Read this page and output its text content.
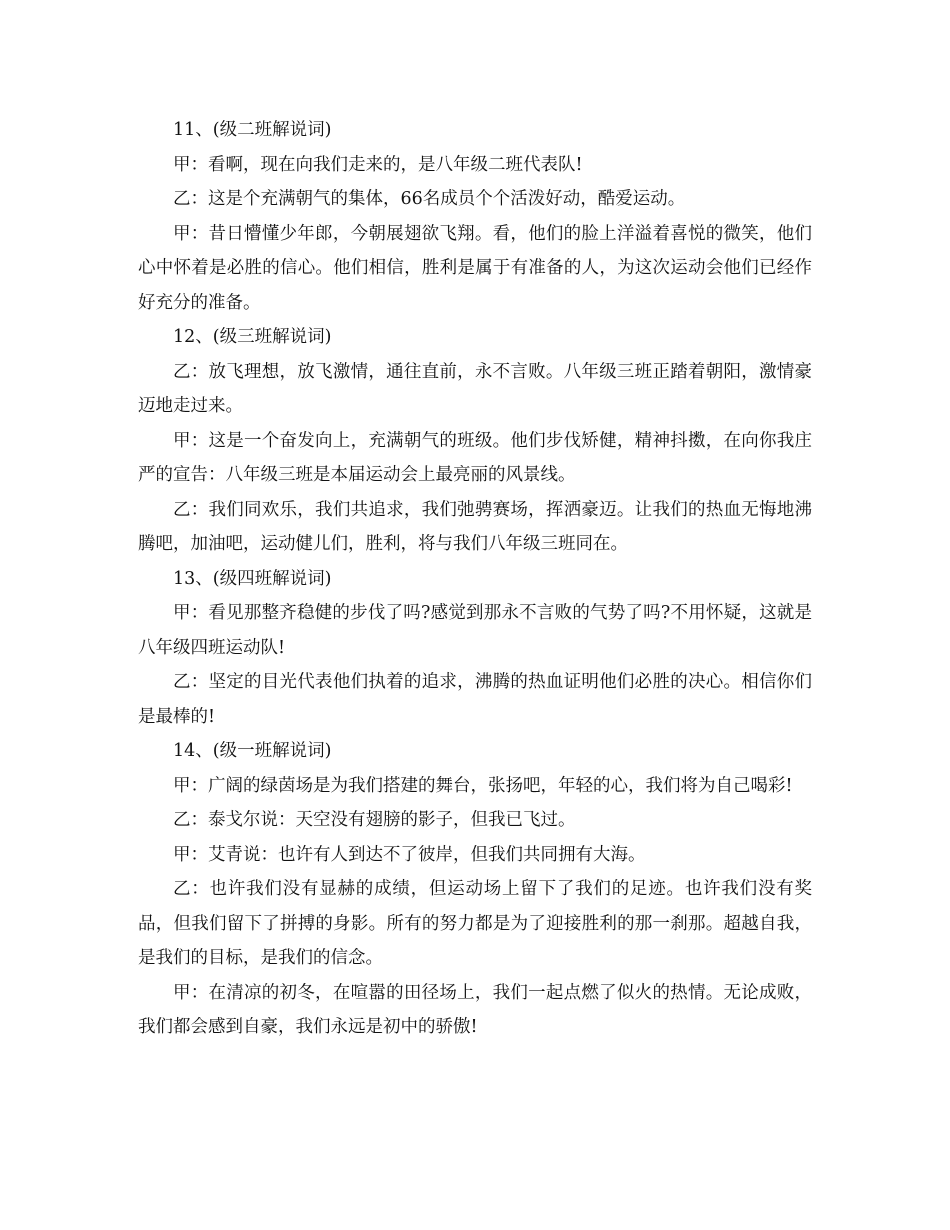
11、(级二班解说词)

甲：看啊，现在向我们走来的，是八年级二班代表队!

乙：这是个充满朝气的集体，66名成员个个活泼好动，酷爱运动。

甲：昔日懵懂少年郎，今朝展翅欲飞翔。看，他们的脸上洋溢着喜悦的微笑，他们心中怀着是必胜的信心。他们相信，胜利是属于有准备的人，为这次运动会他们已经作好充分的准备。

12、(级三班解说词)

乙：放飞理想，放飞激情，通往直前，永不言败。八年级三班正踏着朝阳，激情豪迈地走过来。

甲：这是一个奋发向上，充满朝气的班级。他们步伐矫健，精神抖擞，在向你我庄严的宣告：八年级三班是本届运动会上最亮丽的风景线。

乙：我们同欢乐，我们共追求，我们弛骋赛场，挥洒豪迈。让我们的热血无悔地沸腾吧，加油吧，运动健儿们，胜利，将与我们八年级三班同在。

13、(级四班解说词)

甲：看见那整齐稳健的步伐了吗?感觉到那永不言败的气势了吗?不用怀疑，这就是八年级四班运动队!

乙：坚定的目光代表他们执着的追求，沸腾的热血证明他们必胜的决心。相信你们是最棒的!

14、(级一班解说词)

甲：广阔的绿茵场是为我们搭建的舞台，张扬吧，年轻的心，我们将为自己喝彩!

乙：泰戈尔说：天空没有翅膀的影子，但我已飞过。

甲：艾青说：也许有人到达不了彼岸，但我们共同拥有大海。

乙：也许我们没有显赫的成绩，但运动场上留下了我们的足迹。也许我们没有奖品，但我们留下了拼搏的身影。所有的努力都是为了迎接胜利的那一刹那。超越自我，是我们的目标，是我们的信念。

甲：在清凉的初冬，在喧嚣的田径场上，我们一起点燃了似火的热情。无论成败，我们都会感到自豪，我们永远是初中的骄傲!
